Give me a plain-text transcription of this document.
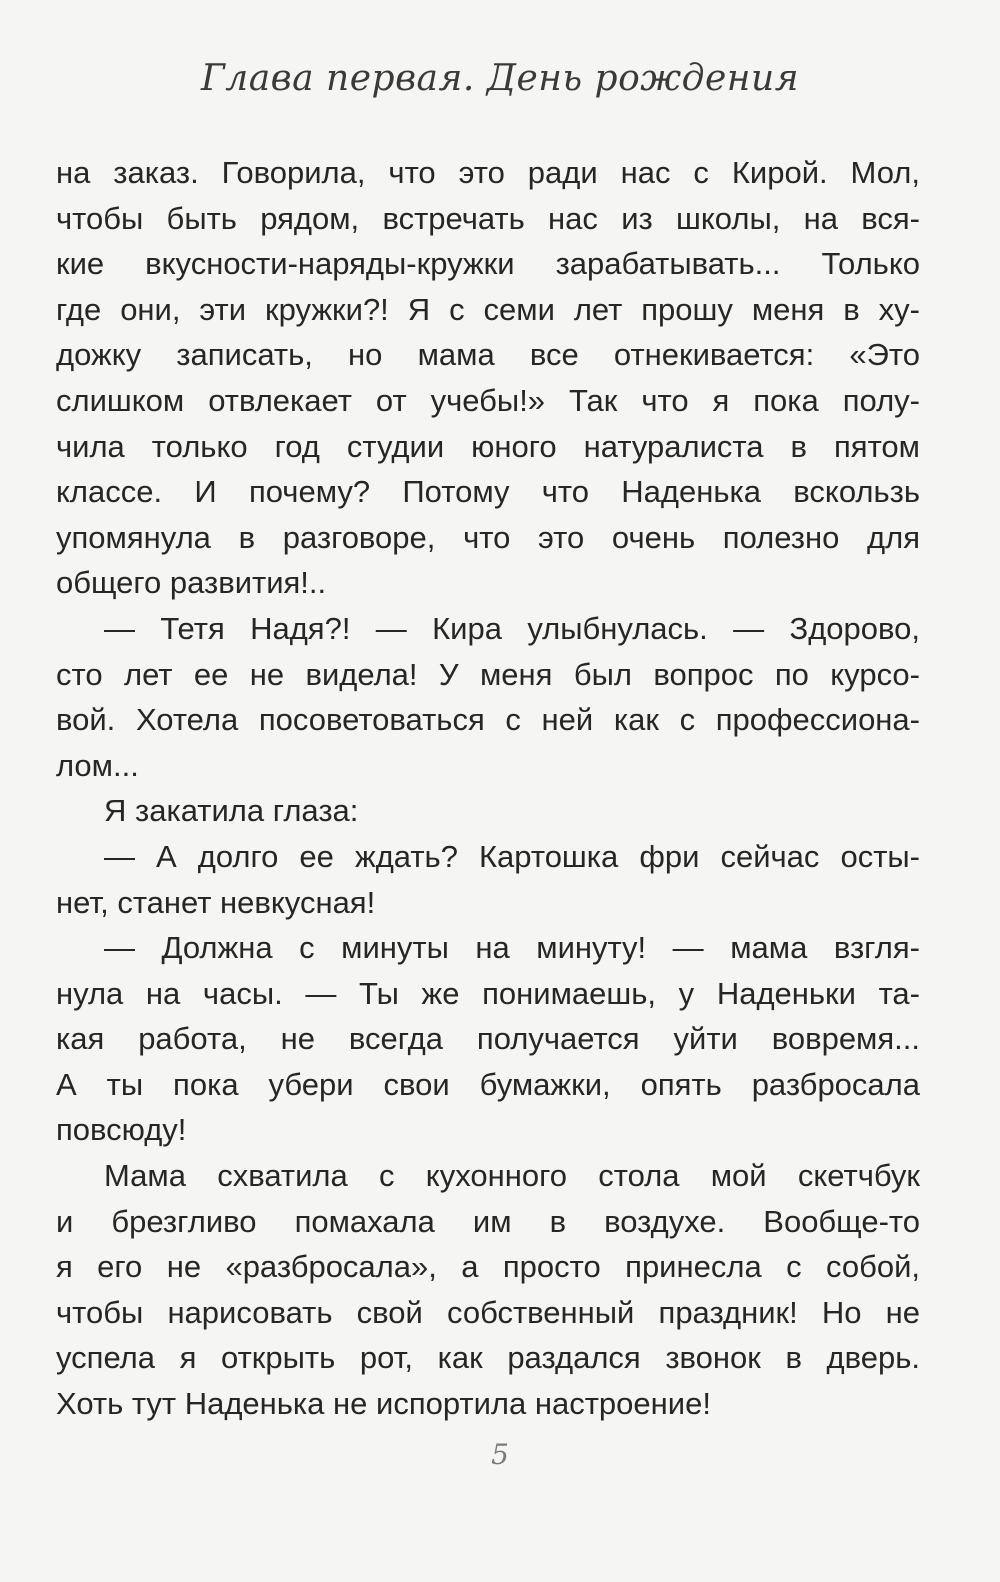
Глава первая. День рождения
на заказ. Говорила, что это ради нас с Кирой. Мол,
чтобы быть рядом, встречать нас из школы, на вся-
кие вкусности-наряды-кружки зарабатывать... Только
где они, эти кружки?! Я с семи лет прошу меня в ху-
дожку записать, но мама все отнекивается: «Это
слишком отвлекает от учебы!» Так что я пока полу-
чила только год студии юного натуралиста в пятом
классе. И почему? Потому что Наденька вскользь
упомянула в разговоре, что это очень полезно для
общего развития!..
— Тетя Надя?! — Кира улыбнулась. — Здорово,
сто лет ее не видела! У меня был вопрос по курсо-
вой. Хотела посоветоваться с ней как с профессиона-
лом...
Я закатила глаза:
— А долго ее ждать? Картошка фри сейчас осты-
нет, станет невкусная!
— Должна с минуты на минуту! — мама взгля-
нула на часы. — Ты же понимаешь, у Наденьки та-
кая работа, не всегда получается уйти вовремя...
А ты пока убери свои бумажки, опять разбросала
повсюду!
Мама схватила с кухонного стола мой скетчбук
и брезгливо помахала им в воздухе. Вообще-то
я его не «разбросала», а просто принесла с собой,
чтобы нарисовать свой собственный праздник! Но не
успела я открыть рот, как раздался звонок в дверь.
Хоть тут Наденька не испортила настроение!
5
